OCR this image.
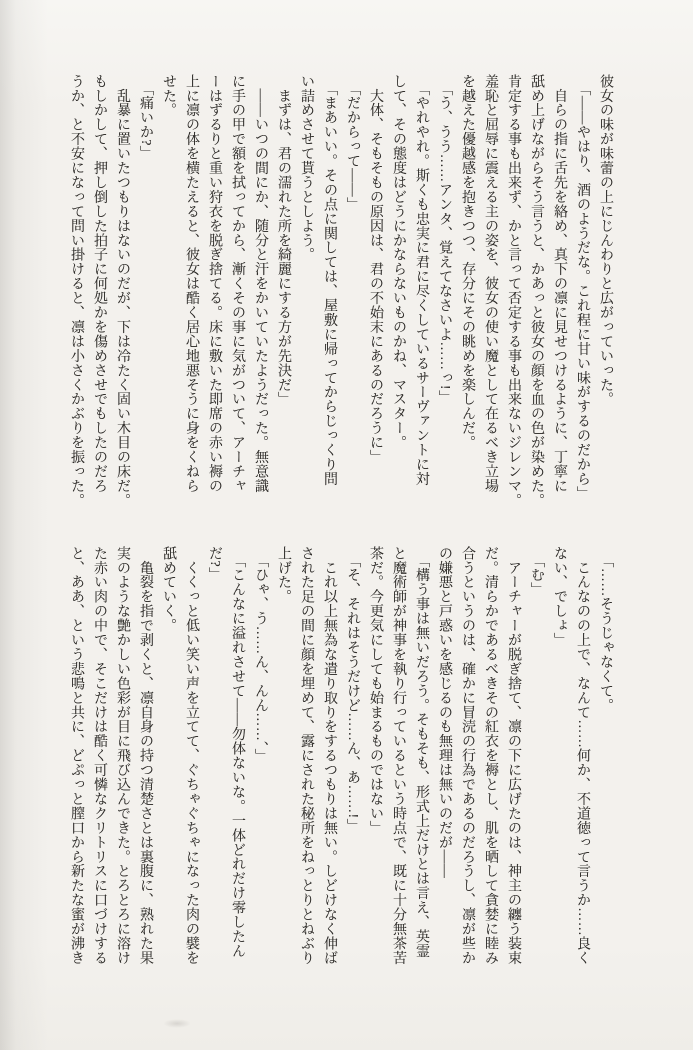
彼女の味が味蕾の上にじんわりと広がっていった。
　「――やはり、酒のようだな。これ程に甘い味がするのだから」
　自らの指に舌先を絡め、真下の凛に見せつけるように、丁寧に
舐め上げながらそう言うと、かあっと彼女の顔を血の色が染めた。
肯定する事も出来ず、かと言って否定する事も出来ないジレンマ。
羞恥と屈辱に震える主の姿を、彼女の使い魔として在るべき立場
を越えた優越感を抱きつつ、存分にその眺めを楽しんだ。
　「う、うう……アンタ、覚えてなさいよ……っ!」
　「やれやれ。斯くも忠実に君に尽くしているサーヴァントに対
して、その態度はどうにかならないものかね、マスター。
　大体、そもそもの原因は、君の不始末にあるのだろうに」
　「だからって――」
　「まあいい。その点に関しては、屋敷に帰ってからじっくり問
い詰めさせて貰うとしよう。
　まずは、君の濡れた所を綺麗にする方が先決だ」
　――いつの間にか、随分と汗をかいていたようだった。無意識
に手の甲で額を拭ってから、漸くその事に気がついて、アーチャ
ーはずるりと重い狩衣を脱ぎ捨てる。床に敷いた即席の赤い褥の
上に凛の体を横たえると、彼女は酷く居心地悪そうに身をくねら
せた。
　「痛いか?」
　乱暴に置いたつもりはないのだが、下は冷たく固い木目の床だ。
もしかして、押し倒した拍子に何処かを傷めさせでもしたのだろ
うか、と不安になって問い掛けると、凛は小さくかぶりを振った。
　「……そうじゃなくて。
　こんなのの上で、なんて……何か、不道徳って言うか……良く
ない、でしょ」
　「む」
　アーチャーが脱ぎ捨て、凛の下に広げたのは、神主の纏う装束
だ。清らかであるべきその紅衣を褥とし、肌を晒して貪婪に睦み
合うというのは、確かに冒涜の行為であるのだろうし、凛が些か
の嫌悪と戸惑いを感じるのも無理は無いのだが――
　「構う事は無いだろう。そもそも、形式上だけとは言え、英霊
と魔術師が神事を執り行っているという時点で、既に十分無茶苦
茶だ。今更気にしても始まるものではない」
　「そ、それはそうだけど……ん、あ……!」
　これ以上無為な遣り取りをするつもりは無い。しどけなく伸ば
された足の間に顔を埋めて、露にされた秘所をねっとりとねぶり
上げた。
　「ひゃ、う……ん、んん……、」
　「こんなに溢れさせて――勿体ないな。一体どれだけ零したん
だ?」
　くくっと低い笑い声を立てて、ぐちゃぐちゃになった肉の襞を
舐めていく。
　亀裂を指で剥くと、凛自身の持つ清楚さとは裏腹に、熟れた果
実のような艶かしい色彩が目に飛び込んできた。とろとろに溶け
た赤い肉の中で、そこだけは酷く可憐なクリトリスに口づけする
と、ああ、という悲鳴と共に、どぷっと膣口から新たな蜜が沸き
